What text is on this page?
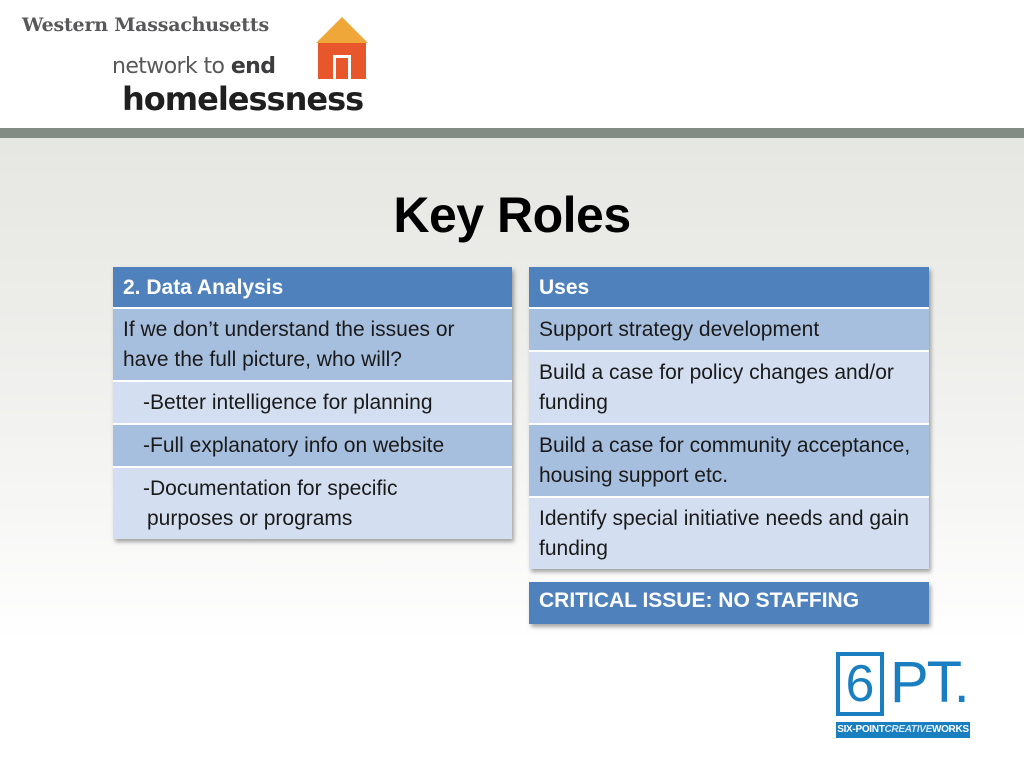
Western Massachusetts
network to end
homelessness
Key Roles
2. Data Analysis
If we don’t understand the issues or have the full picture, who will?
-Better intelligence for planning
-Full explanatory info on website
-Documentation for specific
purposes or programs
Uses
Support strategy development
Build a case for policy changes and/or funding
Build a case for community acceptance, housing support etc.
Identify special initiative needs and gain funding
CRITICAL ISSUE: NO STAFFING
6 PT.
SIX-POINTCREATIVEWORKS
